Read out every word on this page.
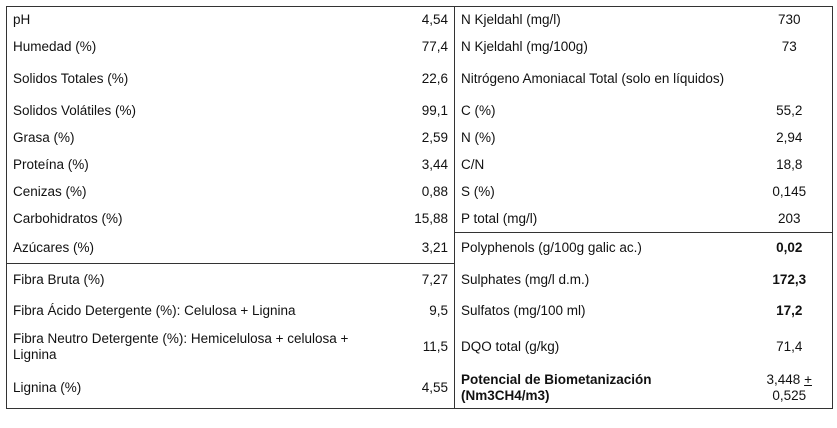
pH	4,54	N Kjeldahl (mg/l)	730
Humedad (%)	77,4	N Kjeldahl (mg/100g)	73
Solidos Totales (%)	22,6	Nitrógeno Amoniacal Total (solo en líquidos)	
Solidos Volátiles (%)	99,1	C (%)	55,2
Grasa (%)	2,59	N (%)	2,94
Proteína (%)	3,44	C/N	18,8
Cenizas (%)	0,88	S (%)	0,145
Carbohidratos (%)	15,88	P total (mg/l)	203
Azúcares (%)	3,21	Polyphenols (g/100g galic ac.)	0,02
Fibra Bruta (%)	7,27	Sulphates (mg/l d.m.)	172,3
Fibra Ácido Detergente (%): Celulosa + Lignina	9,5	Sulfatos (mg/100 ml)	17,2
Fibra Neutro Detergente (%): Hemicelulosa + celulosa + Lignina	11,5	DQO total (g/kg)	71,4
Lignina (%)	4,55	Potencial de Biometanización (Nm3CH4/m3)	3,448 +
0,525
